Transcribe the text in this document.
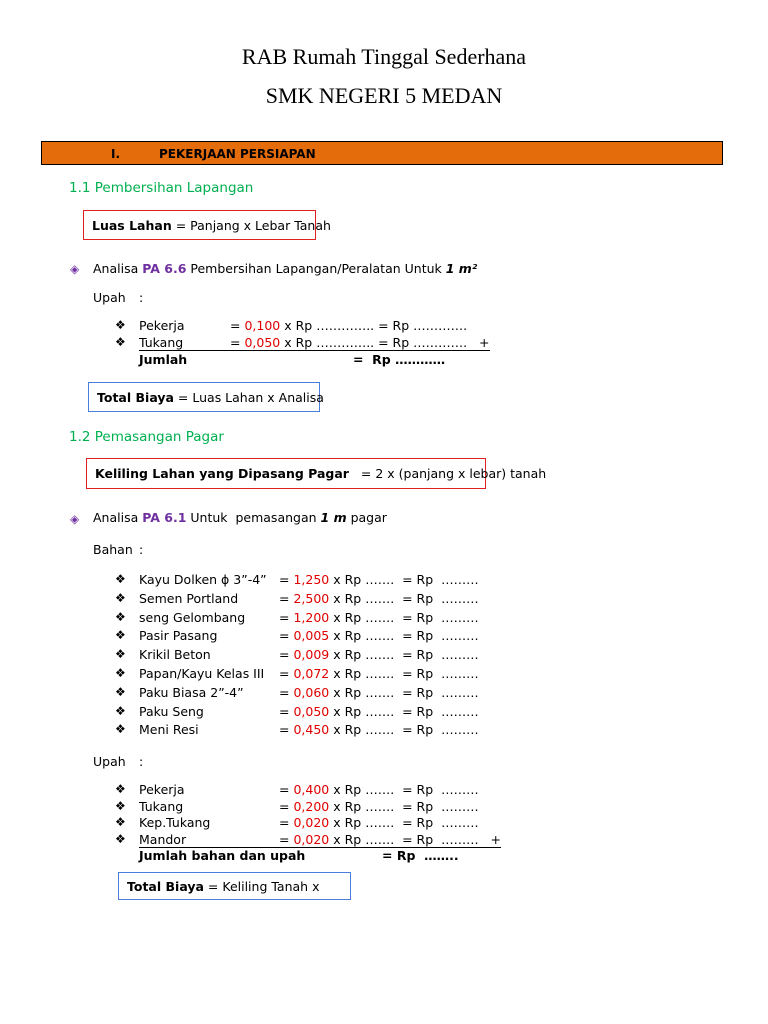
RAB Rumah Tinggal Sederhana
SMK NEGERI 5 MEDAN
I.	PEKERJAAN PERSIAPAN
1.1 Pembersihan Lapangan
Luas Lahan = Panjang x Lebar Tanah
◈ Analisa PA 6.6 Pembersihan Lapangan/Peralatan Untuk 1 m²
Upah :
❖ Pekerja	= 0,100 x Rp ………….. = Rp ………….
❖ Tukang	= 0,050 x Rp ………….. = Rp ………….   +
Jumlah	=  Rp …………
Total Biaya = Luas Lahan x Analisa
1.2 Pemasangan Pagar
Keliling Lahan yang Dipasang Pagar = 2 x (panjang x lebar) tanah
◈ Analisa PA 6.1 Untuk  pemasangan 1 m pagar
Bahan :
❖ Kayu Dolken ϕ 3”-4” = 1,250 x Rp …….  = Rp  ………
❖ Semen Portland	= 2,500 x Rp …….  = Rp  ………
❖ seng Gelombang	= 1,200 x Rp …….  = Rp  ………
❖ Pasir Pasang	= 0,005 x Rp …….  = Rp  ………
❖ Krikil Beton	= 0,009 x Rp …….  = Rp  ………
❖ Papan/Kayu Kelas III = 0,072 x Rp …….  = Rp  ………
❖ Paku Biasa 2”-4”	= 0,060 x Rp …….  = Rp  ………
❖ Paku Seng	= 0,050 x Rp …….  = Rp  ………
❖ Meni Resi	= 0,450 x Rp …….  = Rp  ………
Upah :
❖ Pekerja	= 0,400 x Rp …….  = Rp  ………
❖ Tukang	= 0,200 x Rp …….  = Rp  ………
❖ Kep.Tukang	= 0,020 x Rp …….  = Rp  ………
❖ Mandor	= 0,020 x Rp …….  = Rp  ………   +
Jumlah bahan dan upah	= Rp  ……..
Total Biaya = Keliling Tanah x
